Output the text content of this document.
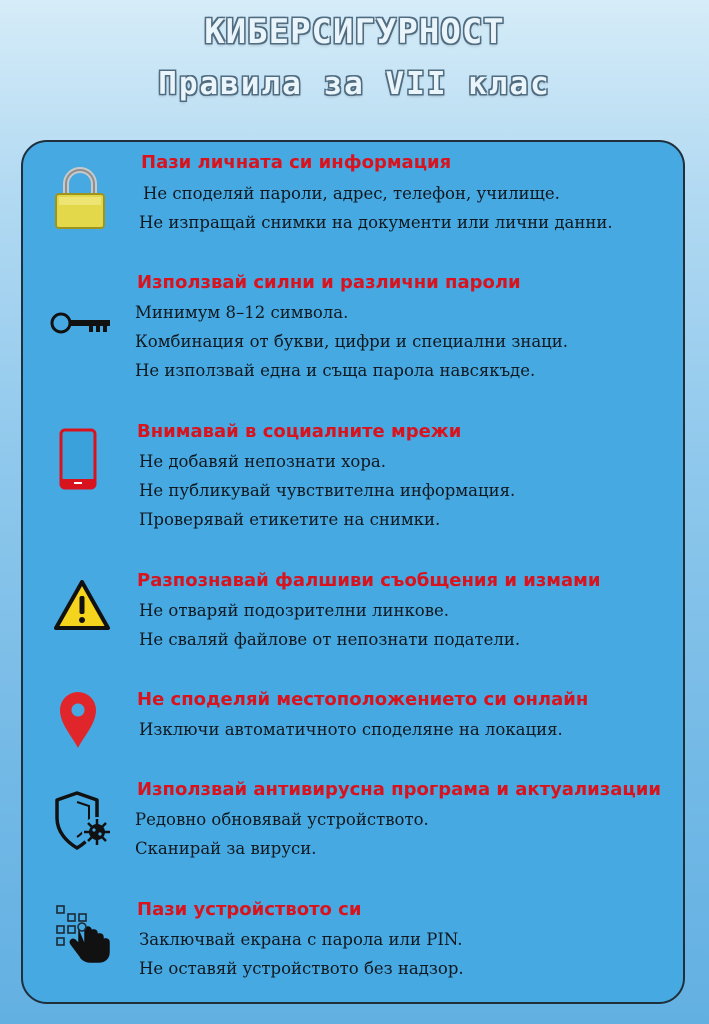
КИБЕРСИГУРНОСТ
Правила за VII клас
Пази личната си информация
Не споделяй пароли, адрес, телефон, училище.
Не изпращай снимки на документи или лични данни.
Използвай силни и различни пароли
Минимум 8–12 символа.
Комбинация от букви, цифри и специални знаци.
Не използвай една и съща парола навсякъде.
Внимавай в социалните мрежи
Не добавяй непознати хора.
Не публикувай чувствителна информация.
Проверявай етикетите на снимки.
Разпознавай фалшиви съобщения и измами
Не отваряй подозрителни линкове.
Не сваляй файлове от непознати податели.
Не споделяй местоположението си онлайн
Изключи автоматичното споделяне на локация.
Използвай антивирусна програма и актуализации
Редовно обновявай устройството.
Сканирай за вируси.
Пази устройството си
Заключвай екрана с парола или PIN.
Не оставяй устройството без надзор.
